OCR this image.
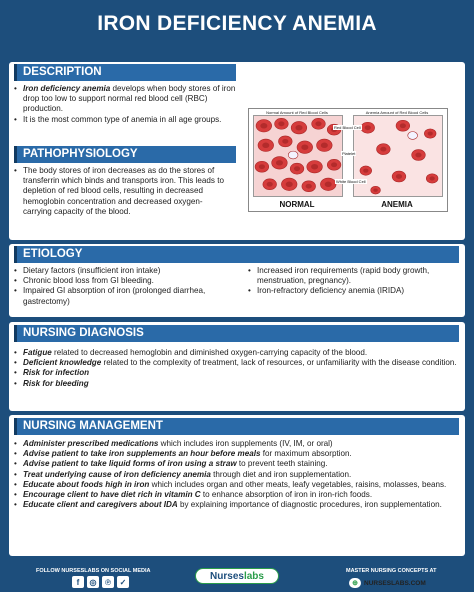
IRON DEFICIENCY ANEMIA
DESCRIPTION
• Iron deficiency anemia develops when body stores of iron drop too low to support normal red blood cell (RBC) production.
• It is the most common type of anemia in all age groups.
PATHOPHYSIOLOGY
• The body stores of iron decreases as do the stores of transferrin which binds and transports iron. This leads to depletion of red blood cells, resulting in decreased hemoglobin concentration and decreased oxygen-carrying capacity of the blood.
Normal Amount of Red Blood Cells	Anemia Amount of Red Blood Cells
Red Blood Cell
Platelet
White Blood Cell
NORMAL	ANEMIA
ETIOLOGY
• Dietary factors (insufficient iron intake)
• Chronic blood loss from GI bleeding.
• Impaired GI absorption of iron (prolonged diarrhea, gastrectomy)
• Increased iron requirements (rapid body growth, menstruation, pregnancy).
• Iron-refractory deficiency anemia (IRIDA)
NURSING DIAGNOSIS
• Fatigue related to decreased hemoglobin and diminished oxygen-carrying capacity of the blood.
• Deficient knowledge related to the complexity of treatment, lack of resources, or unfamiliarity with the disease condition.
• Risk for infection
• Risk for bleeding
NURSING MANAGEMENT
• Administer prescribed medications which includes iron supplements (IV, IM, or oral)
• Advise patient to take iron supplements an hour before meals for maximum absorption.
• Advise patient to take liquid forms of iron using a straw to prevent teeth staining.
• Treat underlying cause of iron deficiency anemia through diet and iron supplementation.
• Educate about foods high in iron which includes organ and other meats, leafy vegetables, raisins, molasses, beans.
• Encourage client to have diet rich in vitamin C to enhance absorption of iron in iron-rich foods.
• Educate client and caregivers about IDA by explaining importance of diagnostic procedures, iron supplementation.
FOLLOW NURSESLABS ON SOCIAL MEDIA
f	◎	℗	✓
MASTER NURSING CONCEPTS AT
Nurses labs
⊕ NURSESLABS.COM
